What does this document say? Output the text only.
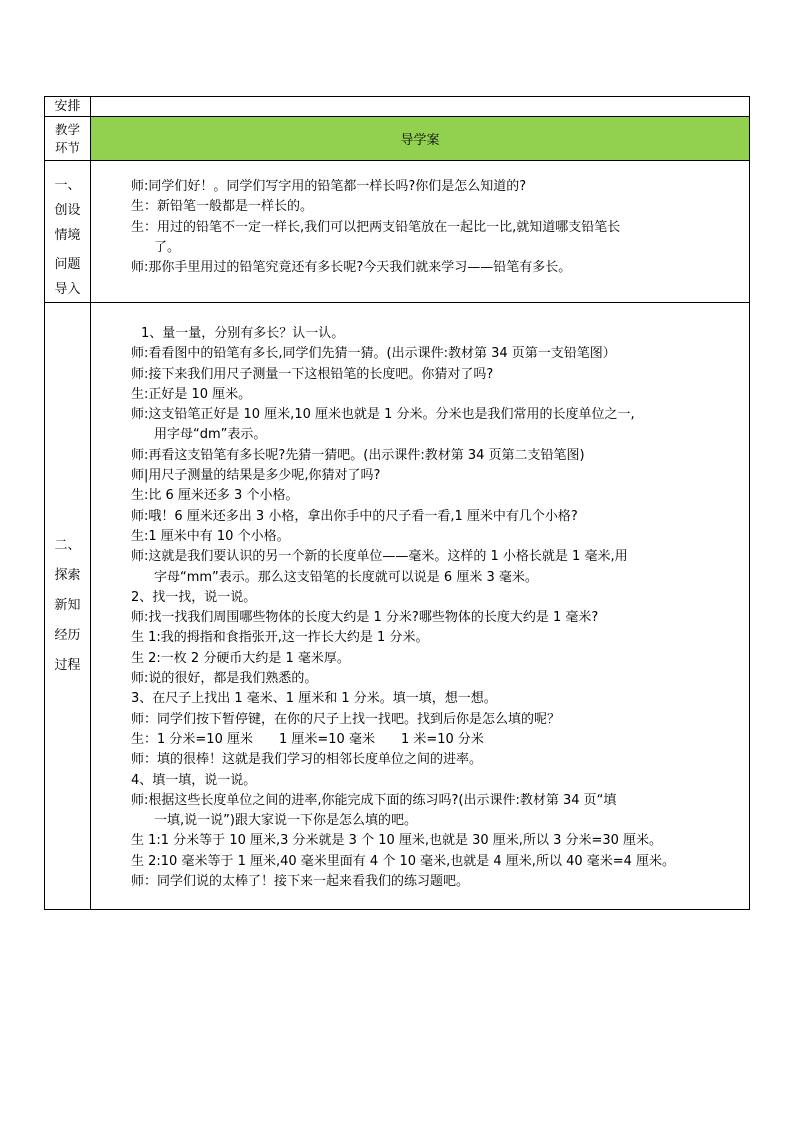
安排
教学
环节	导学案
一、
创设
情境
问题
导入
师:同学们好！。同学们写字用的铅笔都一样长吗?你们是怎么知道的?
生：新铅笔一般都是一样长的。
生：用过的铅笔不一定一样长,我们可以把两支铅笔放在一起比一比,就知道哪支铅笔长
了。
师:那你手里用过的铅笔究竟还有多长呢?今天我们就来学习——铅笔有多长。
二、
探索
新知
经历
过程
1、量一量，分别有多长？认一认。
师:看看图中的铅笔有多长,同学们先猜一猜。(出示课件:教材第 34 页第一支铅笔图）
师:接下来我们用尺子测量一下这根铅笔的长度吧。你猜对了吗?
生:正好是 10 厘米。
师:这支铅笔正好是 10 厘米,10 厘米也就是 1 分米。分米也是我们常用的长度单位之一,
用字母“dm”表示。
师:再看这支铅笔有多长呢?先猜一猜吧。(出示课件:教材第 34 页第二支铅笔图)
师|用尺子测量的结果是多少呢,你猜对了吗?
生:比 6 厘米还多 3 个小格。
师:哦！6 厘米还多出 3 小格，拿出你手中的尺子看一看,1 厘米中有几个小格?
生:1 厘米中有 10 个小格。
师:这就是我们要认识的另一个新的长度单位——毫米。这样的 1 小格长就是 1 毫米,用
字母“mm”表示。那么这支铅笔的长度就可以说是 6 厘米 3 毫米。
2、找一找，说一说。
师:找一找我们周围哪些物体的长度大约是 1 分米?哪些物体的长度大约是 1 毫米?
生 1:我的拇指和食指张开,这一拃长大约是 1 分米。
生 2:一枚 2 分硬币大约是 1 毫米厚。
师:说的很好，都是我们熟悉的。
3、在尺子上找出 1 毫米、1 厘米和 1 分米。填一填，想一想。
师：同学们按下暂停键，在你的尺子上找一找吧。找到后你是怎么填的呢？
生：1 分米=10 厘米　　1 厘米=10 毫米　　1 米=10 分米
师：填的很棒！这就是我们学习的相邻长度单位之间的进率。
4、填一填，说一说。
师:根据这些长度单位之间的进率,你能完成下面的练习吗?(出示课件:教材第 34 页“填
一填,说一说”)跟大家说一下你是怎么填的吧。
生 1:1 分米等于 10 厘米,3 分米就是 3 个 10 厘米,也就是 30 厘米,所以 3 分米=30 厘米。
生 2:10 毫米等于 1 厘米,40 毫米里面有 4 个 10 毫米,也就是 4 厘米,所以 40 毫米=4 厘米。
师：同学们说的太棒了！接下来一起来看我们的练习题吧。
